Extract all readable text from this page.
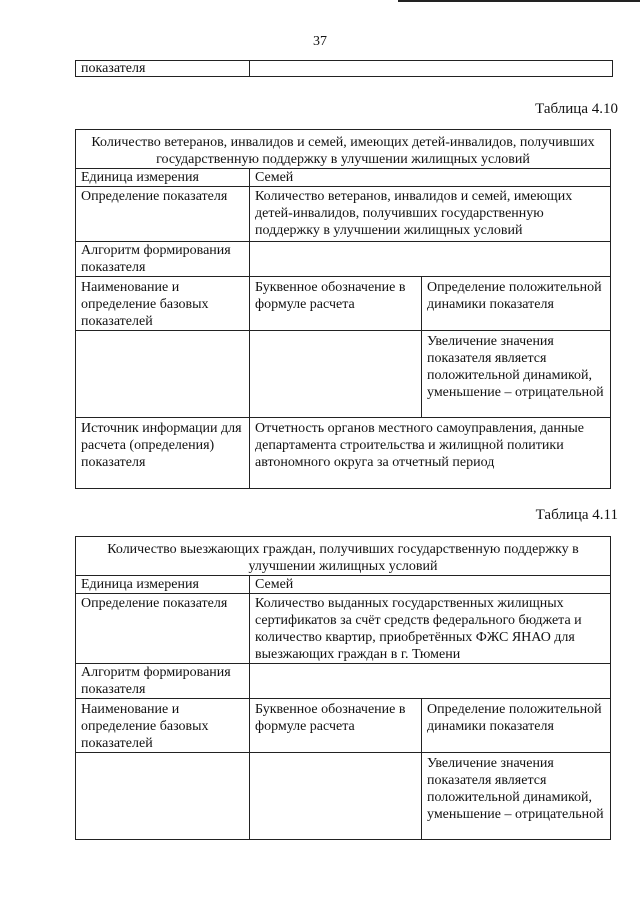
37
показателя	
Таблица 4.10
Количество ветеранов, инвалидов и семей, имеющих детей-инвалидов, получивших государственную поддержку в улучшении жилищных условий		
Единица измерения	Семей	
Определение показателя	Количество ветеранов, инвалидов и семей, имеющих детей-инвалидов, получивших государственную поддержку в улучшении жилищных условий	
Алгоритм формирования показателя		
Наименование и определение базовых показателей	Буквенное обозначение в формуле расчета	Определение положительной динамики показателя
		Увеличение значения показателя является положительной динамикой, уменьшение – отрицательной
Источник информации для расчета (определения) показателя	Отчетность органов местного самоуправления, данные департамента строительства и жилищной политики автономного округа за отчетный период	
Таблица 4.11
Количество выезжающих граждан, получивших государственную поддержку в улучшении жилищных условий		
Единица измерения	Семей	
Определение показателя	Количество выданных государственных жилищных сертификатов за счёт средств федерального бюджета и количество квартир, приобретённых ФЖС ЯНАО для выезжающих граждан в г. Тюмени	
Алгоритм формирования показателя		
Наименование и определение базовых показателей	Буквенное обозначение в формуле расчета	Определение положительной динамики показателя
		Увеличение значения показателя является положительной динамикой, уменьшение – отрицательной
